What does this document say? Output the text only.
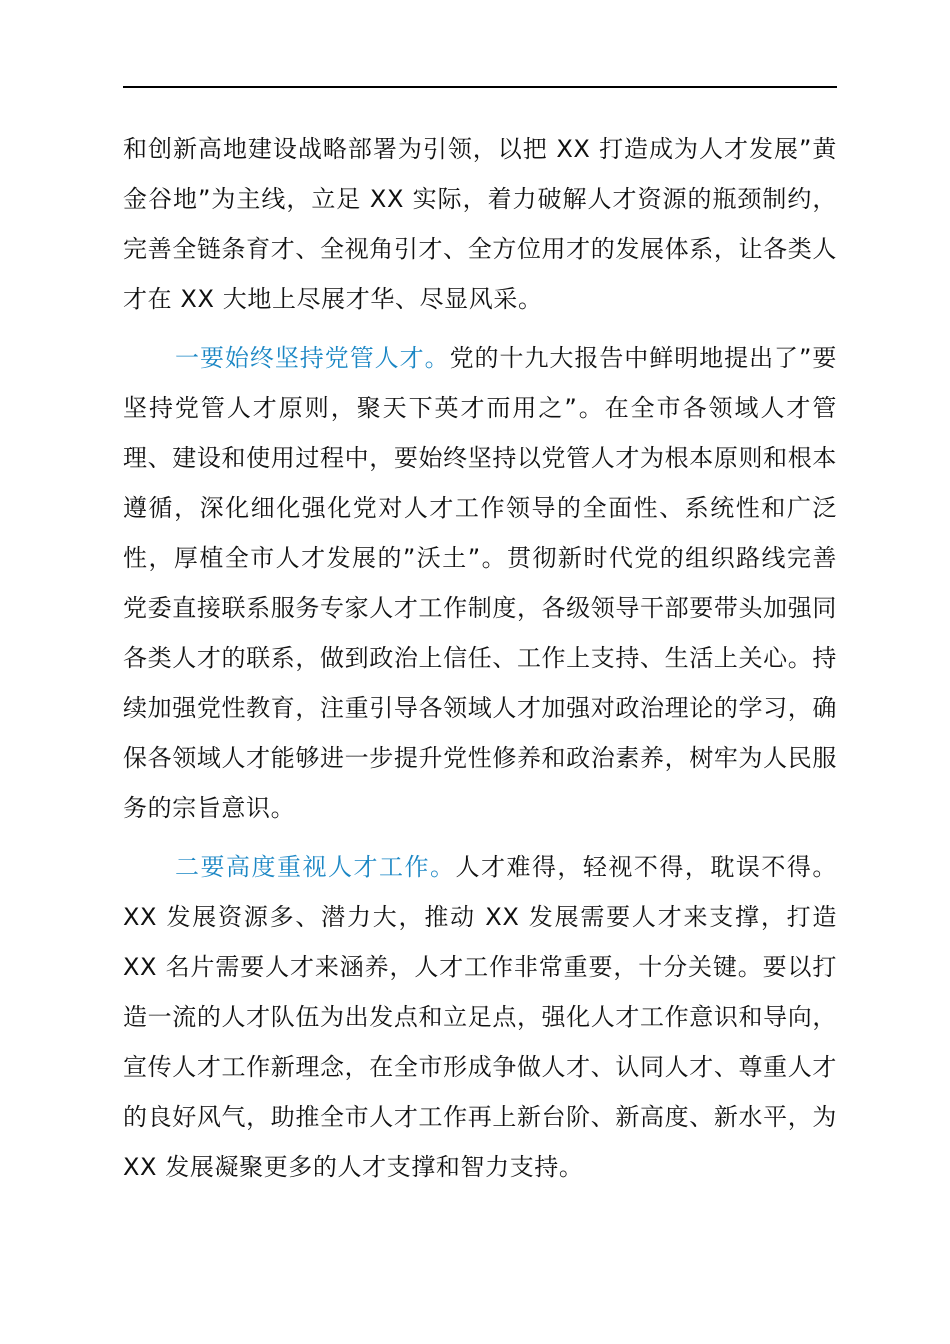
和创新高地建设战略部署为引领，以把 XX 打造成为人才发展”黄金谷地”为主线，立足 XX 实际，着力破解人才资源的瓶颈制约，完善全链条育才、全视角引才、全方位用才的发展体系，让各类人才在 XX 大地上尽展才华、尽显风采。

一要始终坚持党管人才。党的十九大报告中鲜明地提出了”要坚持党管人才原则，聚天下英才而用之”。在全市各领域人才管理、建设和使用过程中，要始终坚持以党管人才为根本原则和根本遵循，深化细化强化党对人才工作领导的全面性、系统性和广泛性，厚植全市人才发展的”沃土”。贯彻新时代党的组织路线完善党委直接联系服务专家人才工作制度，各级领导干部要带头加强同各类人才的联系，做到政治上信任、工作上支持、生活上关心。持续加强党性教育，注重引导各领域人才加强对政治理论的学习，确保各领域人才能够进一步提升党性修养和政治素养，树牢为人民服务的宗旨意识。

二要高度重视人才工作。人才难得，轻视不得，耽误不得。XX 发展资源多、潜力大，推动 XX 发展需要人才来支撑，打造 XX 名片需要人才来涵养，人才工作非常重要，十分关键。要以打造一流的人才队伍为出发点和立足点，强化人才工作意识和导向，宣传人才工作新理念，在全市形成争做人才、认同人才、尊重人才的良好风气，助推全市人才工作再上新台阶、新高度、新水平，为 XX 发展凝聚更多的人才支撑和智力支持。
